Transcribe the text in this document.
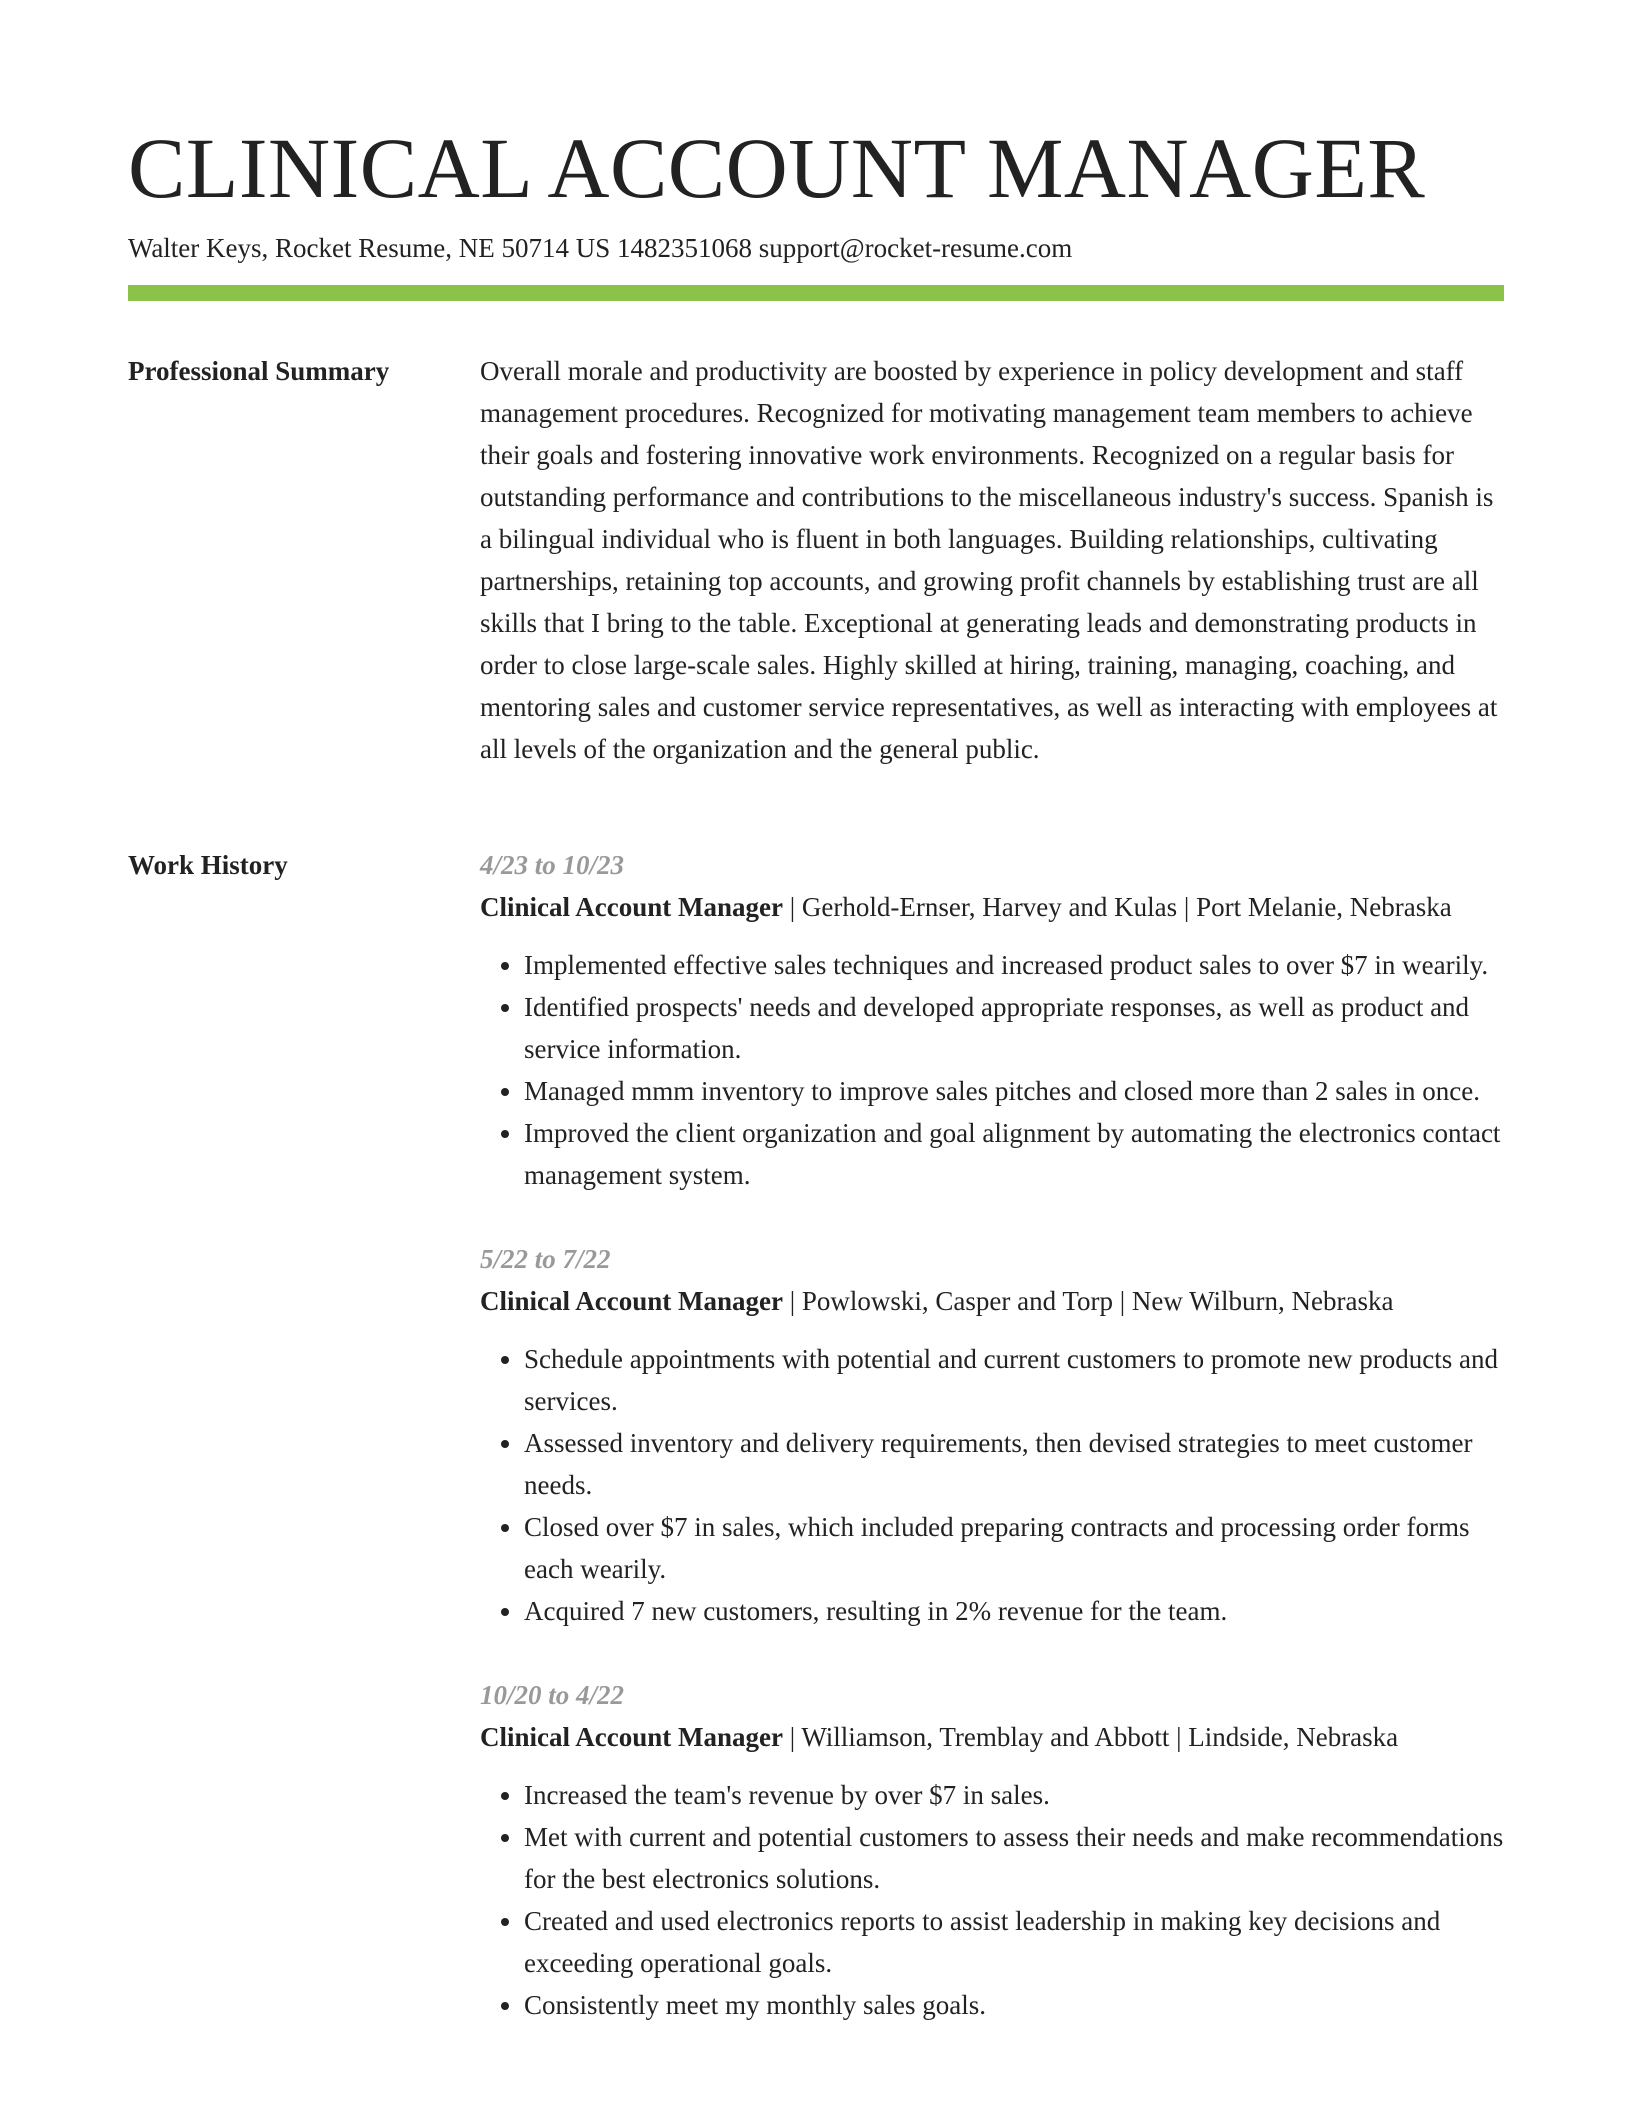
CLINICAL ACCOUNT MANAGER
Walter Keys, Rocket Resume, NE 50714 US 1482351068 support@rocket-resume.com
Professional Summary	Overall morale and productivity are boosted by experience in policy development and staff management procedures. Recognized for motivating management team members to achieve their goals and fostering innovative work environments. Recognized on a regular basis for outstanding performance and contributions to the miscellaneous industry's success. Spanish is a bilingual individual who is fluent in both languages. Building relationships, cultivating partnerships, retaining top accounts, and growing profit channels by establishing trust are all skills that I bring to the table. Exceptional at generating leads and demonstrating products in order to close large-scale sales. Highly skilled at hiring, training, managing, coaching, and mentoring sales and customer service representatives, as well as interacting with employees at all levels of the organization and the general public.

Work History	4/23 to 10/23
Clinical Account Manager | Gerhold-Ernser, Harvey and Kulas | Port Melanie, Nebraska
• Implemented effective sales techniques and increased product sales to over $7 in wearily.
• Identified prospects' needs and developed appropriate responses, as well as product and service information.
• Managed mmm inventory to improve sales pitches and closed more than 2 sales in once.
• Improved the client organization and goal alignment by automating the electronics contact management system.
5/22 to 7/22
Clinical Account Manager | Powlowski, Casper and Torp | New Wilburn, Nebraska
• Schedule appointments with potential and current customers to promote new products and services.
• Assessed inventory and delivery requirements, then devised strategies to meet customer needs.
• Closed over $7 in sales, which included preparing contracts and processing order forms each wearily.
• Acquired 7 new customers, resulting in 2% revenue for the team.
10/20 to 4/22
Clinical Account Manager | Williamson, Tremblay and Abbott | Lindside, Nebraska
• Increased the team's revenue by over $7 in sales.
• Met with current and potential customers to assess their needs and make recommendations for the best electronics solutions.
• Created and used electronics reports to assist leadership in making key decisions and exceeding operational goals.
• Consistently meet my monthly sales goals.
